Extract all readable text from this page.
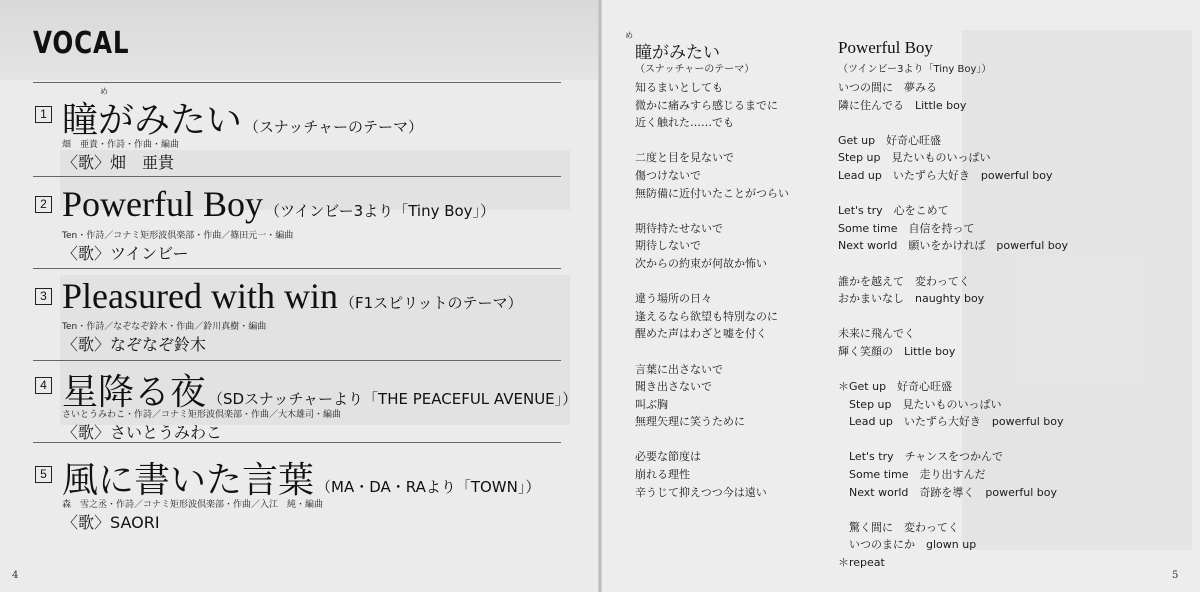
VOCAL
1
め
瞳がみたい （スナッチャーのテーマ）
畑　亜貴・作詩・作曲・編曲
〈歌〉畑　亜貴
2 Powerful Boy （ツインビー3より「Tiny Boy」）
Ten・作詩／コナミ矩形波倶楽部・作曲／篠田元一・編曲
〈歌〉ツインビー
3 Pleasured with win （F1スピリットのテーマ）
Ten・作詩／なぞなぞ鈴木・作曲／鈴川真樹・編曲
〈歌〉なぞなぞ鈴木
4 星降る夜 （SDスナッチャーより「THE PEACEFUL AVENUE」）
さいとうみわこ・作詩／コナミ矩形波倶楽部・作曲／大木雄司・編曲
〈歌〉さいとうみわこ
5 風に書いた言葉 （MA・DA・RAより「TOWN」）
森　雪之丞・作詩／コナミ矩形波倶楽部・作曲／入江　純・編曲
〈歌〉SAORI
4
め
瞳がみたい
（スナッチャーのテーマ）
知るまいとしても
微かに痛みすら感じるまでに
近く触れた……でも
二度と目を見ないで
傷つけないで
無防備に近付いたことがつらい
期待持たせないで
期待しないで
次からの約束が何故か怖い
違う場所の日々
逢えるなら欲望も特別なのに
醒めた声はわざと嘘を付く
言葉に出さないで
聞き出さないで
叫ぶ胸
無理矢理に笑うために
必要な節度は
崩れる理性
辛うじて抑えつつ今は遠い
Powerful Boy
（ツインビー3より「Tiny Boy」）
いつの間に　夢みる
隣に住んでる　Little boy
Get up　好奇心旺盛
Step up　見たいものいっぱい
Lead up　いたずら大好き　powerful boy
Let's try　心をこめて
Some time　自信を持って
Next world　願いをかければ　powerful boy
誰かを越えて　変わってく
おかまいなし　naughty boy
未来に飛んでく
輝く笑顔の　Little boy
＊Get up　好奇心旺盛
　Step up　見たいものいっぱい
　Lead up　いたずら大好き　powerful boy
　Let's try　チャンスをつかんで
　Some time　走り出すんだ
　Next world　奇跡を導く　powerful boy
　驚く間に　変わってく
　いつのまにか　glown up
＊repeat
5
